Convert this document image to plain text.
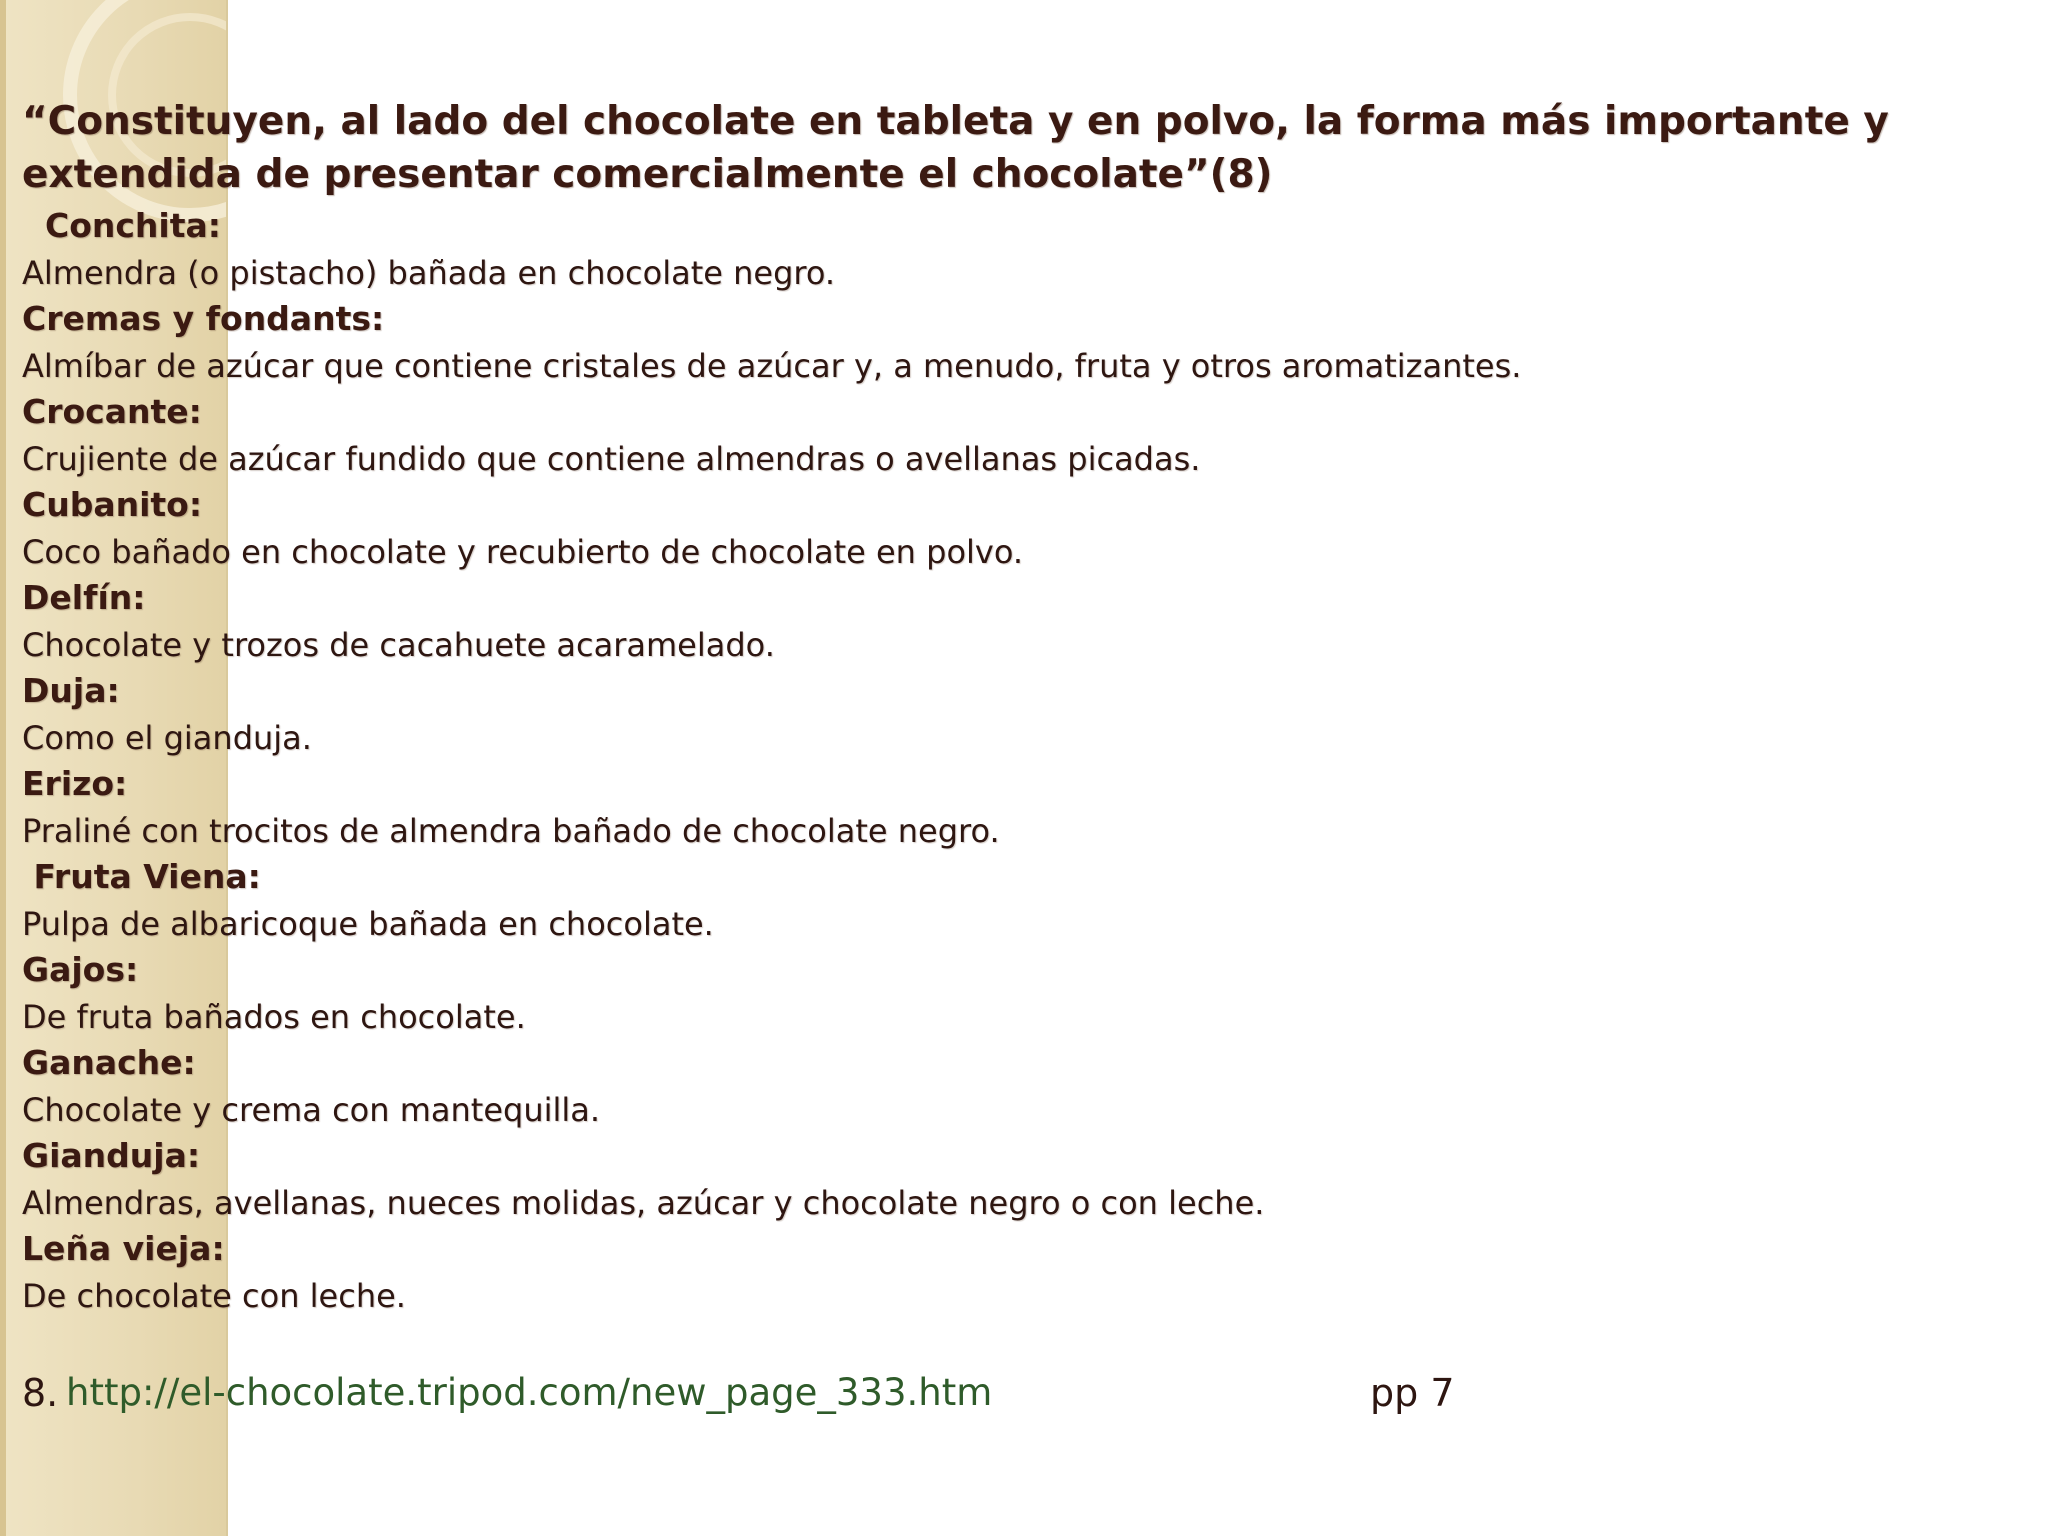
“Constituyen, al lado del chocolate en tableta y en polvo, la forma más importante y extendida de presentar comercialmente el chocolate”(8)
Conchita:
Almendra (o pistacho) bañada en chocolate negro.
Cremas y fondants:
Almíbar de azúcar que contiene cristales de azúcar y, a menudo, fruta y otros aromatizantes.
Crocante:
Crujiente de azúcar fundido que contiene almendras o avellanas picadas.
Cubanito:
Coco bañado en chocolate y recubierto de chocolate en polvo.
Delfín:
Chocolate y trozos de cacahuete acaramelado.
Duja:
Como el gianduja.
Erizo:
Praliné con trocitos de almendra bañado de chocolate negro.
Fruta Viena:
Pulpa de albaricoque bañada en chocolate.
Gajos:
De fruta bañados en chocolate.
Ganache:
Chocolate y crema con mantequilla.
Gianduja:
Almendras, avellanas, nueces molidas, azúcar y chocolate negro o con leche.
Leña vieja:
De chocolate con leche.
8. http://el-chocolate.tripod.com/new_page_333.htm	pp 7
